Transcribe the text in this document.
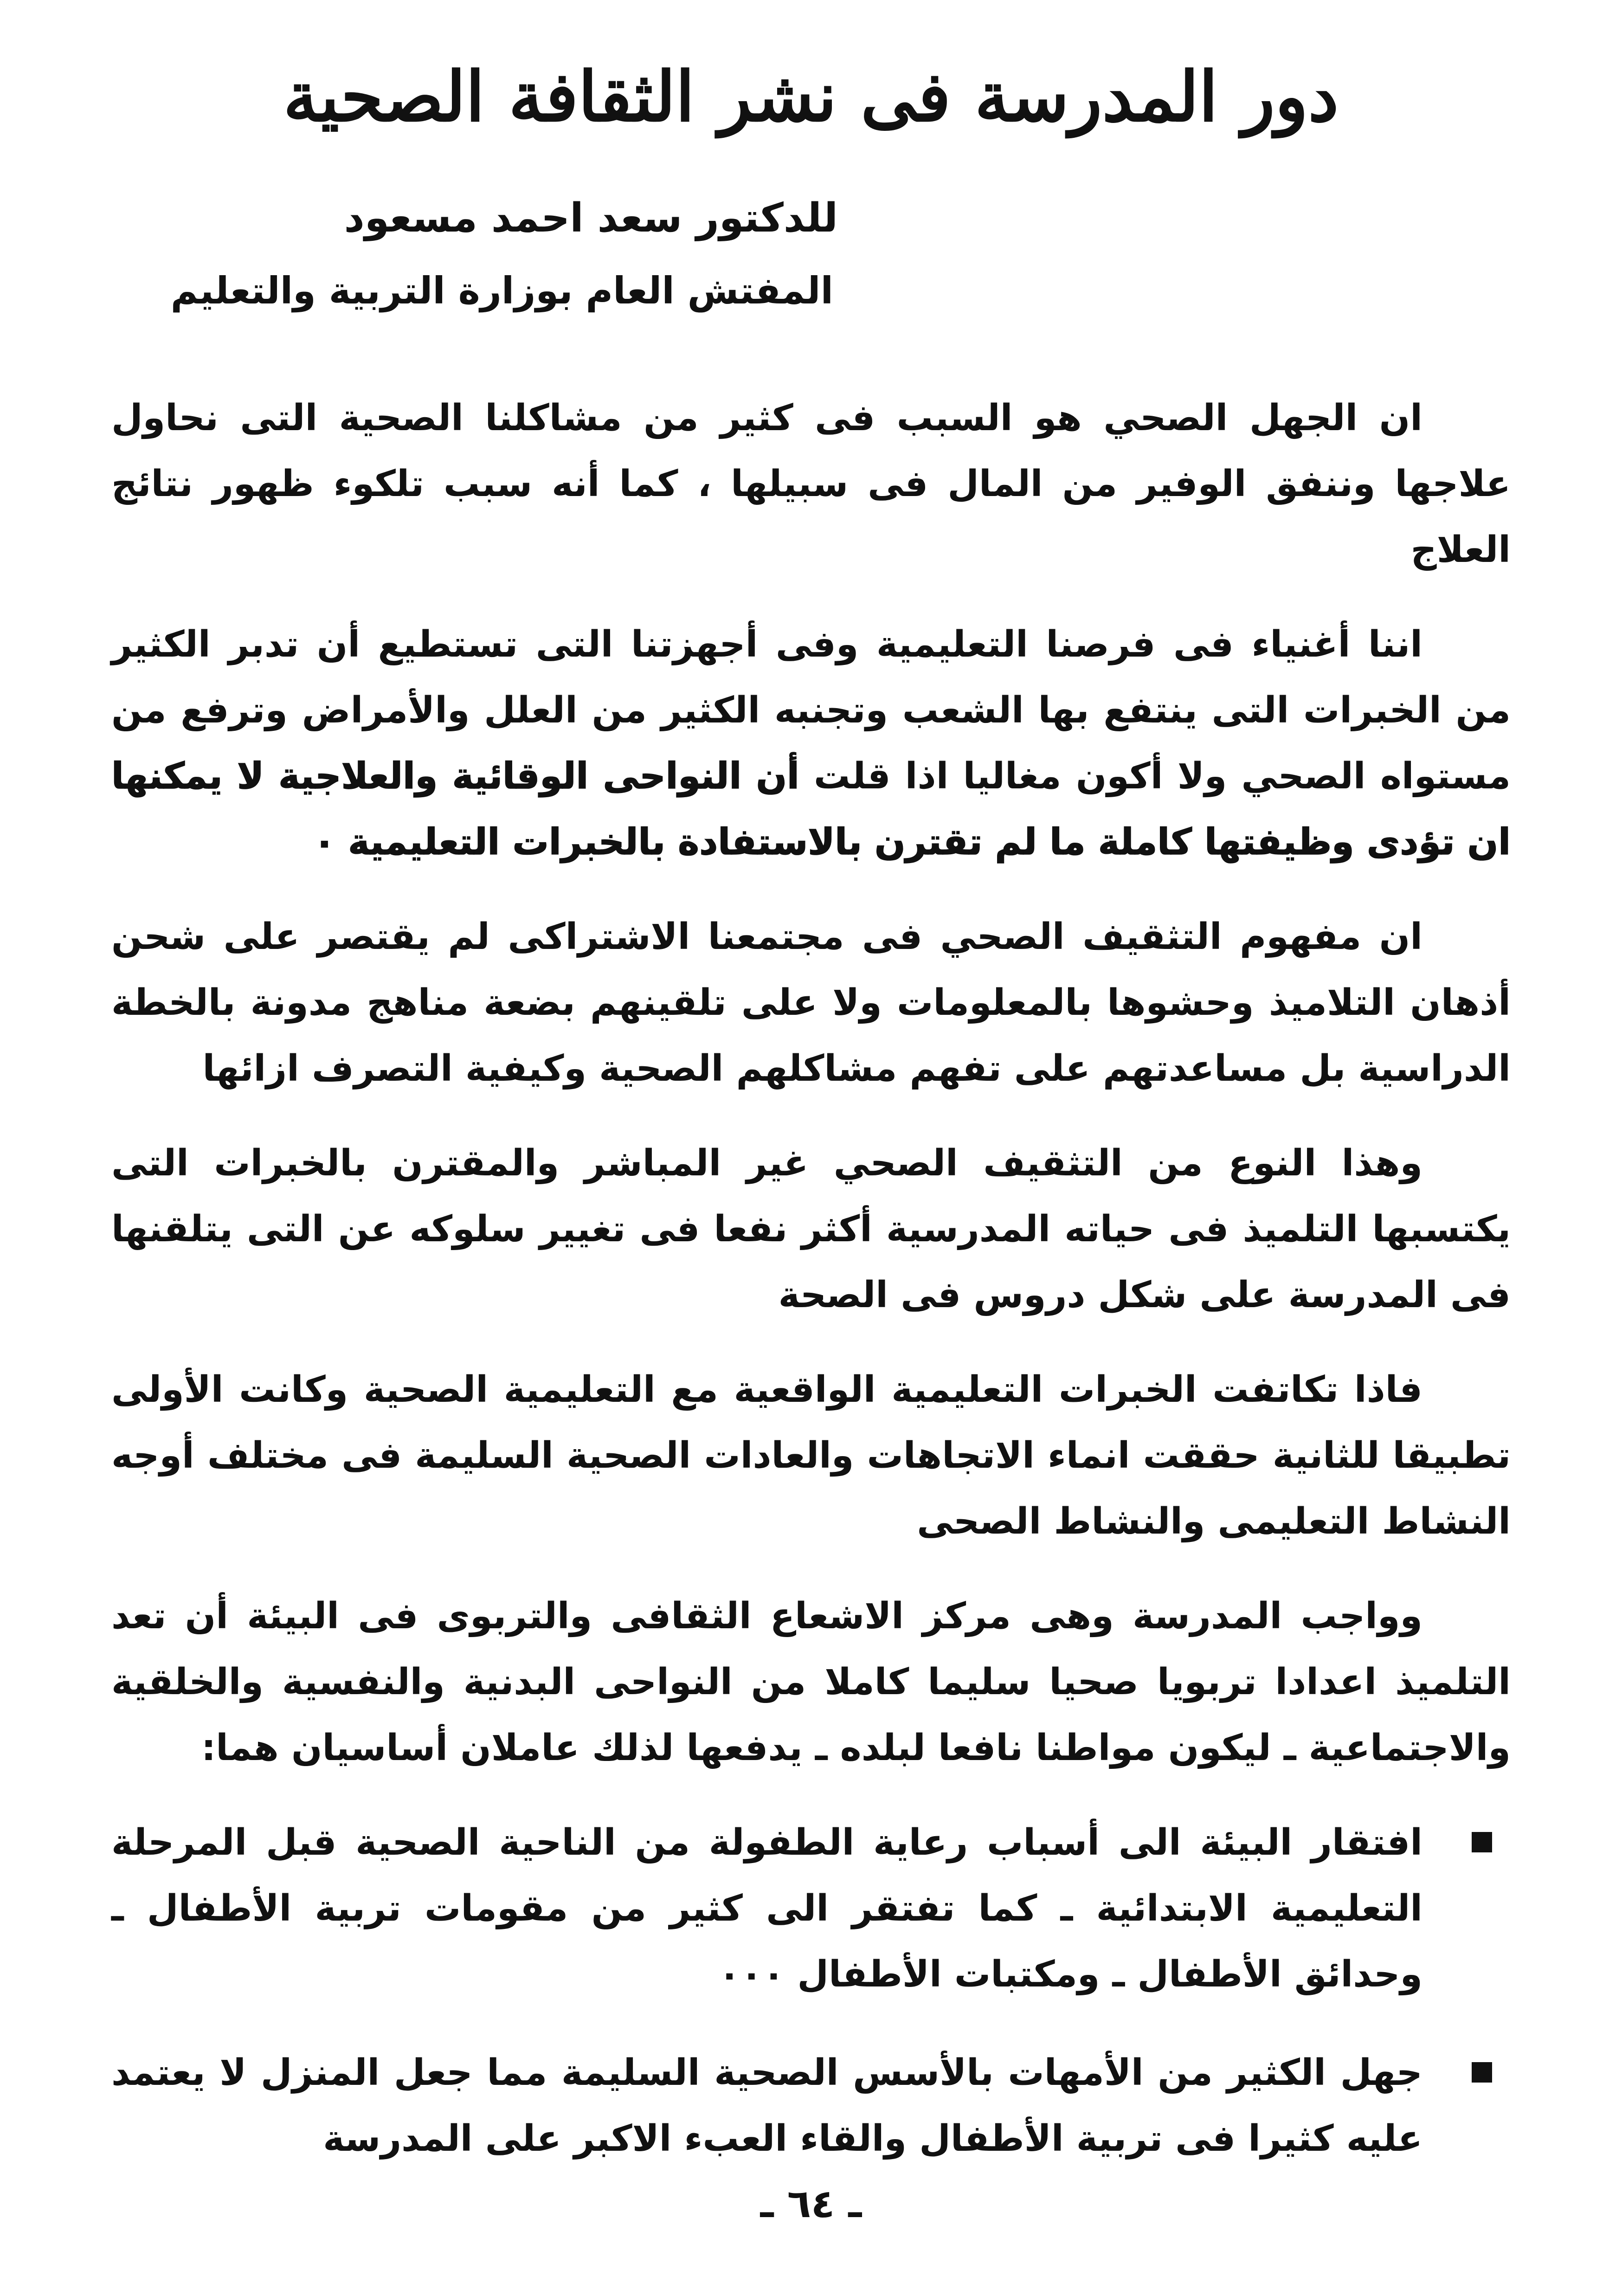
دور المدرسة فى نشر الثقافة الصحية
للدكتور سعد احمد مسعود
المفتش العام بوزارة التربية والتعليم

ان الجهل الصحي هو السبب فى كثير من مشاكلنا الصحية التى نحاول علاجها وننفق الوفير من المال فى سبيلها ، كما أنه سبب تلكوء ظهور نتائج العلاج

اننا أغنياء فى فرصنا التعليمية وفى أجهزتنا التى تستطيع أن تدبر الكثير من الخبرات التى ينتفع بها الشعب وتجنبه الكثير من العلل والأمراض وترفع من مستواه الصحي ولا أكون مغاليا اذا قلت أن النواحى الوقائية والعلاجية لا يمكنها ان تؤدى وظيفتها كاملة ما لم تقترن بالاستفادة بالخبرات التعليمية ٠

ان مفهوم التثقيف الصحي فى مجتمعنا الاشتراكى لم يقتصر على شحن أذهان التلاميذ وحشوها بالمعلومات ولا على تلقينهم بضعة مناهج مدونة بالخطة الدراسية بل مساعدتهم على تفهم مشاكلهم الصحية وكيفية التصرف ازائها

وهذا النوع من التثقيف الصحي غير المباشر والمقترن بالخبرات التى يكتسبها التلميذ فى حياته المدرسية أكثر نفعا فى تغيير سلوكه عن التى يتلقنها فى المدرسة على شكل دروس فى الصحة

فاذا تكاتفت الخبرات التعليمية الواقعية مع التعليمية الصحية وكانت الأولى تطبيقا للثانية حققت انماء الاتجاهات والعادات الصحية السليمة فى مختلف أوجه النشاط التعليمى والنشاط الصحى

وواجب المدرسة وهى مركز الاشعاع الثقافى والتربوى فى البيئة أن تعد التلميذ اعدادا تربويا صحيا سليما كاملا من النواحى البدنية والنفسية والخلقية والاجتماعية ـ ليكون مواطنا نافعا لبلده ـ يدفعها لذلك عاملان أساسيان هما:

افتقار البيئة الى أسباب رعاية الطفولة من الناحية الصحية قبل المرحلة التعليمية الابتدائية ـ كما تفتقر الى كثير من مقومات تربية الأطفال ـ وحدائق الأطفال ـ ومكتبات الأطفال ٠٠٠
جهل الكثير من الأمهات بالأسس الصحية السليمة مما جعل المنزل لا يعتمد عليه كثيرا فى تربية الأطفال والقاء العبء الاكبر على المدرسة
ـ ٦٤ ـ
